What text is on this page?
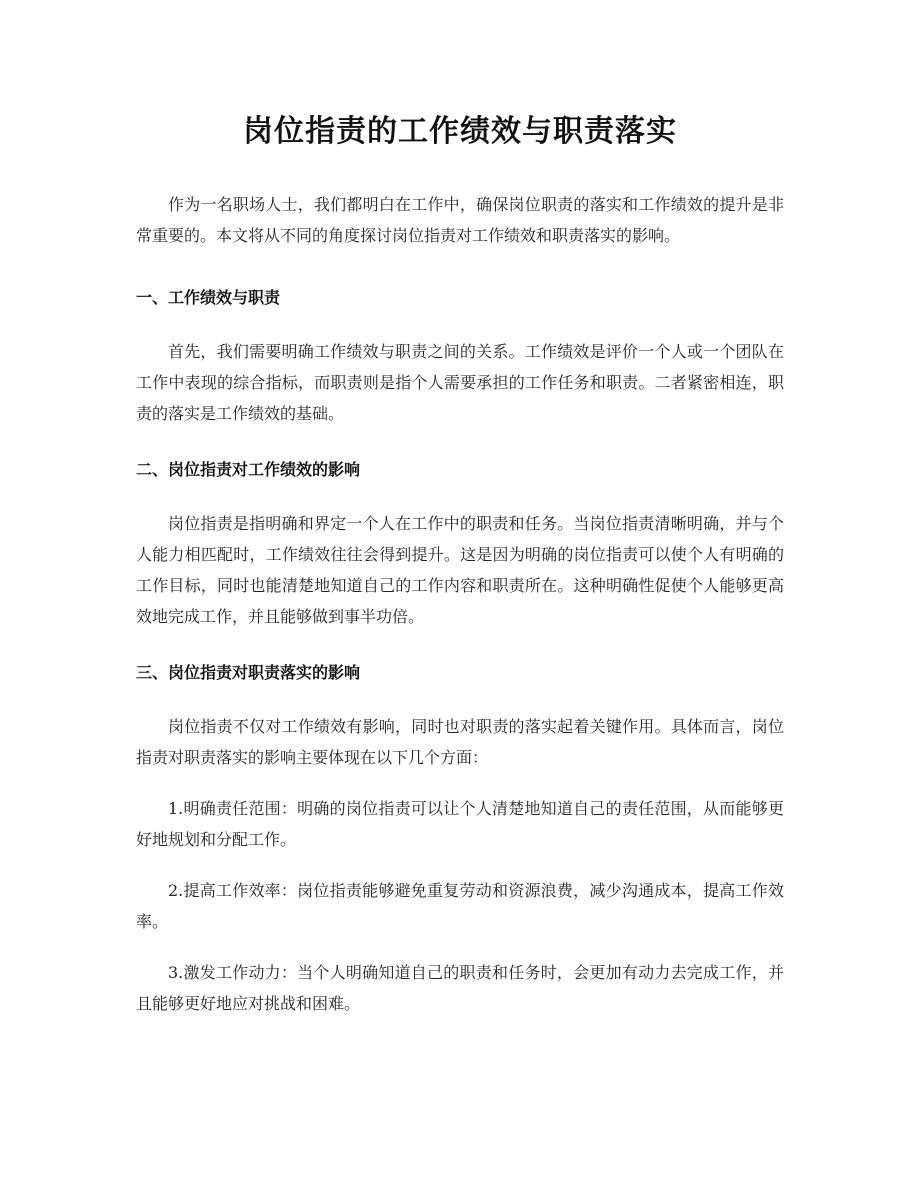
岗位指责的工作绩效与职责落实

作为一名职场人士，我们都明白在工作中，确保岗位职责的落实和工作绩效的提升是非常重要的。本文将从不同的角度探讨岗位指责对工作绩效和职责落实的影响。

一、工作绩效与职责

首先，我们需要明确工作绩效与职责之间的关系。工作绩效是评价一个人或一个团队在工作中表现的综合指标，而职责则是指个人需要承担的工作任务和职责。二者紧密相连，职责的落实是工作绩效的基础。

二、岗位指责对工作绩效的影响

岗位指责是指明确和界定一个人在工作中的职责和任务。当岗位指责清晰明确，并与个人能力相匹配时，工作绩效往往会得到提升。这是因为明确的岗位指责可以使个人有明确的工作目标，同时也能清楚地知道自己的工作内容和职责所在。这种明确性促使个人能够更高效地完成工作，并且能够做到事半功倍。

三、岗位指责对职责落实的影响

岗位指责不仅对工作绩效有影响，同时也对职责的落实起着关键作用。具体而言，岗位指责对职责落实的影响主要体现在以下几个方面：

1.明确责任范围：明确的岗位指责可以让个人清楚地知道自己的责任范围，从而能够更好地规划和分配工作。

2.提高工作效率：岗位指责能够避免重复劳动和资源浪费，减少沟通成本，提高工作效率。

3.激发工作动力：当个人明确知道自己的职责和任务时，会更加有动力去完成工作，并且能够更好地应对挑战和困难。
